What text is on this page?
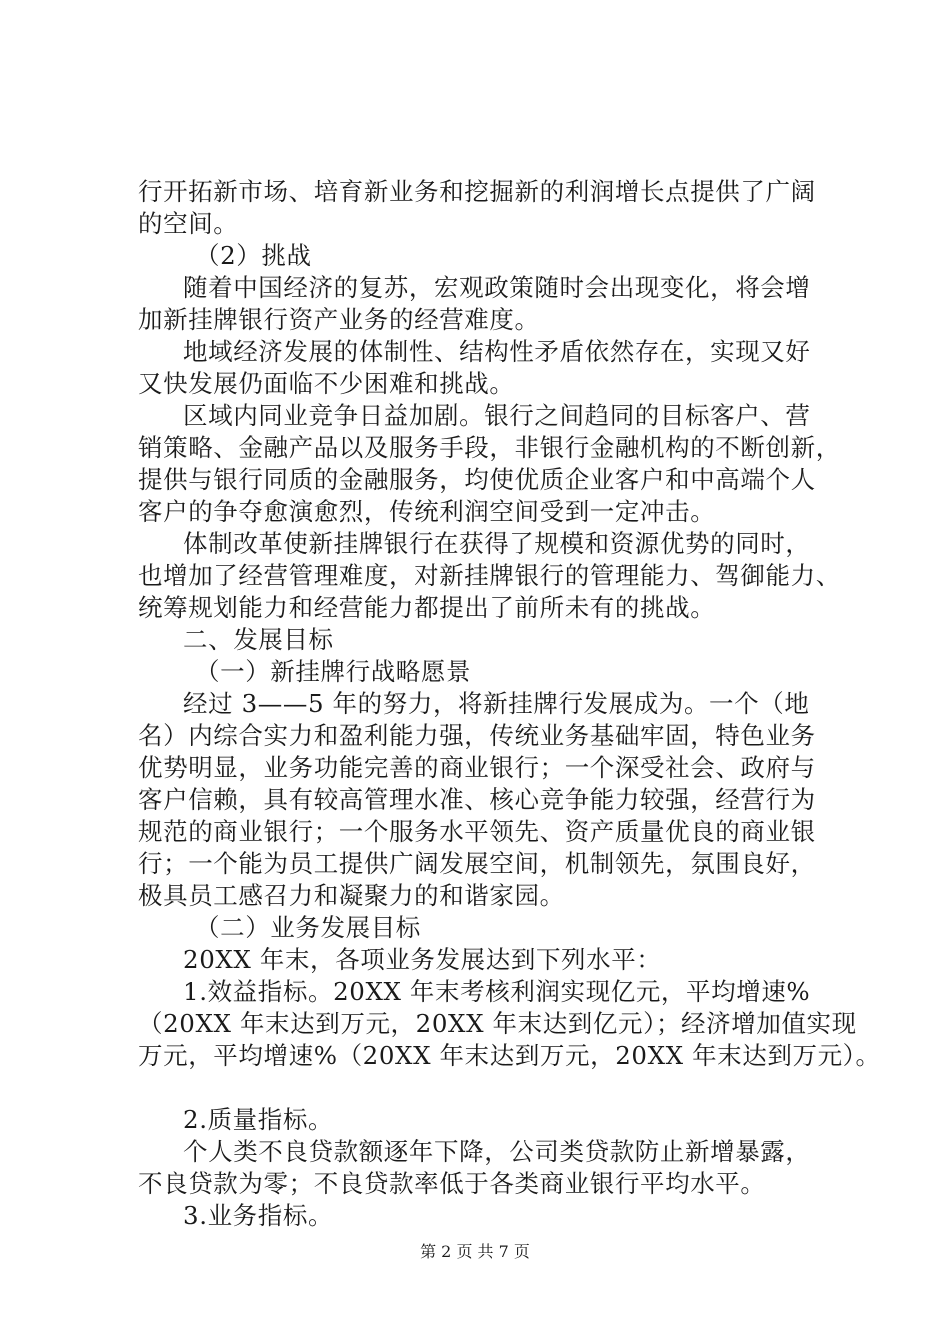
行开拓新市场、培育新业务和挖掘新的利润增长点提供了广阔
的空间。
（2）挑战
随着中国经济的复苏，宏观政策随时会出现变化，将会增
加新挂牌银行资产业务的经营难度。
地域经济发展的体制性、结构性矛盾依然存在，实现又好
又快发展仍面临不少困难和挑战。
区域内同业竞争日益加剧。银行之间趋同的目标客户、营
销策略、金融产品以及服务手段，非银行金融机构的不断创新，
提供与银行同质的金融服务，均使优质企业客户和中高端个人
客户的争夺愈演愈烈，传统利润空间受到一定冲击。
体制改革使新挂牌银行在获得了规模和资源优势的同时，
也增加了经营管理难度，对新挂牌银行的管理能力、驾御能力、
统筹规划能力和经营能力都提出了前所未有的挑战。
二、发展目标
（一）新挂牌行战略愿景
经过 3——5 年的努力，将新挂牌行发展成为。一个（地
名）内综合实力和盈利能力强，传统业务基础牢固，特色业务
优势明显，业务功能完善的商业银行；一个深受社会、政府与
客户信赖，具有较高管理水准、核心竞争能力较强，经营行为
规范的商业银行；一个服务水平领先、资产质量优良的商业银
行；一个能为员工提供广阔发展空间，机制领先，氛围良好，
极具员工感召力和凝聚力的和谐家园。
（二）业务发展目标
20XX 年末，各项业务发展达到下列水平：
1.效益指标。20XX 年末考核利润实现亿元，平均增速%
（20XX 年末达到万元，20XX 年末达到亿元）；经济增加值实现
万元，平均增速%（20XX 年末达到万元，20XX 年末达到万元）。
2.质量指标。
个人类不良贷款额逐年下降，公司类贷款防止新增暴露，
不良贷款为零；不良贷款率低于各类商业银行平均水平。
3.业务指标。
第 2 页 共 7 页
